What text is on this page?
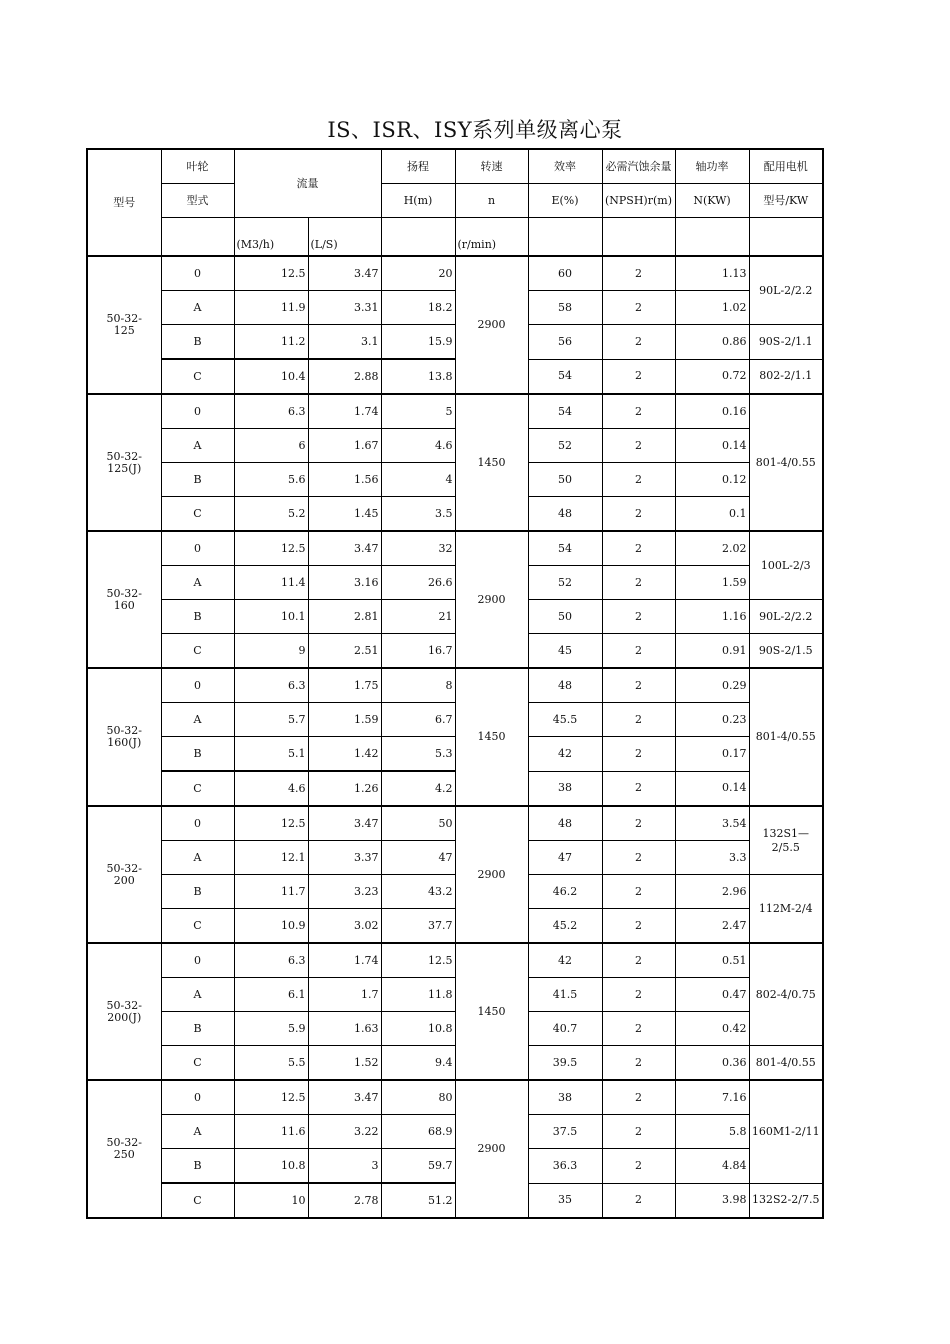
IS、ISR、ISY系列单级离心泵
型号	叶轮	流量		扬程	转速	效率	必需汽蚀余量	轴功率	配用电机
	型式			H(m)	n	E(%)	(NPSH)r(m)	N(KW)	型号/KW
		(M3/h)	(L/S)		(r/min)				
50-32-125	0	12.5	3.47	20	2900	60	2	1.13	90L-2/2.2
	A	11.9	3.31	18.2		58	2	1.02	
	B	11.2	3.1	15.9		56	2	0.86	90S-2/1.1
	C	10.4	2.88	13.8		54	2	0.72	802-2/1.1
50-32-125(J)	0	6.3	1.74	5	1450	54	2	0.16	801-4/0.55
	A	6	1.67	4.6		52	2	0.14	
	B	5.6	1.56	4		50	2	0.12	
	C	5.2	1.45	3.5		48	2	0.1	
50-32-160	0	12.5	3.47	32	2900	54	2	2.02	100L-2/3
	A	11.4	3.16	26.6		52	2	1.59	
	B	10.1	2.81	21		50	2	1.16	90L-2/2.2
	C	9	2.51	16.7		45	2	0.91	90S-2/1.5
50-32-160(J)	0	6.3	1.75	8	1450	48	2	0.29	801-4/0.55
	A	5.7	1.59	6.7		45.5	2	0.23	
	B	5.1	1.42	5.3		42	2	0.17	
	C	4.6	1.26	4.2		38	2	0.14	
50-32-200	0	12.5	3.47	50	2900	48	2	3.54	132S1—2/5.5
	A	12.1	3.37	47		47	2	3.3	
	B	11.7	3.23	43.2		46.2	2	2.96	112M-2/4
	C	10.9	3.02	37.7		45.2	2	2.47	
50-32-200(J)	0	6.3	1.74	12.5	1450	42	2	0.51	802-4/0.75
	A	6.1	1.7	11.8		41.5	2	0.47	
	B	5.9	1.63	10.8		40.7	2	0.42	
	C	5.5	1.52	9.4		39.5	2	0.36	801-4/0.55
50-32-250	0	12.5	3.47	80	2900	38	2	7.16	160M1-2/11
	A	11.6	3.22	68.9		37.5	2	5.8	
	B	10.8	3	59.7		36.3	2	4.84	
	C	10	2.78	51.2		35	2	3.98	132S2-2/7.5
